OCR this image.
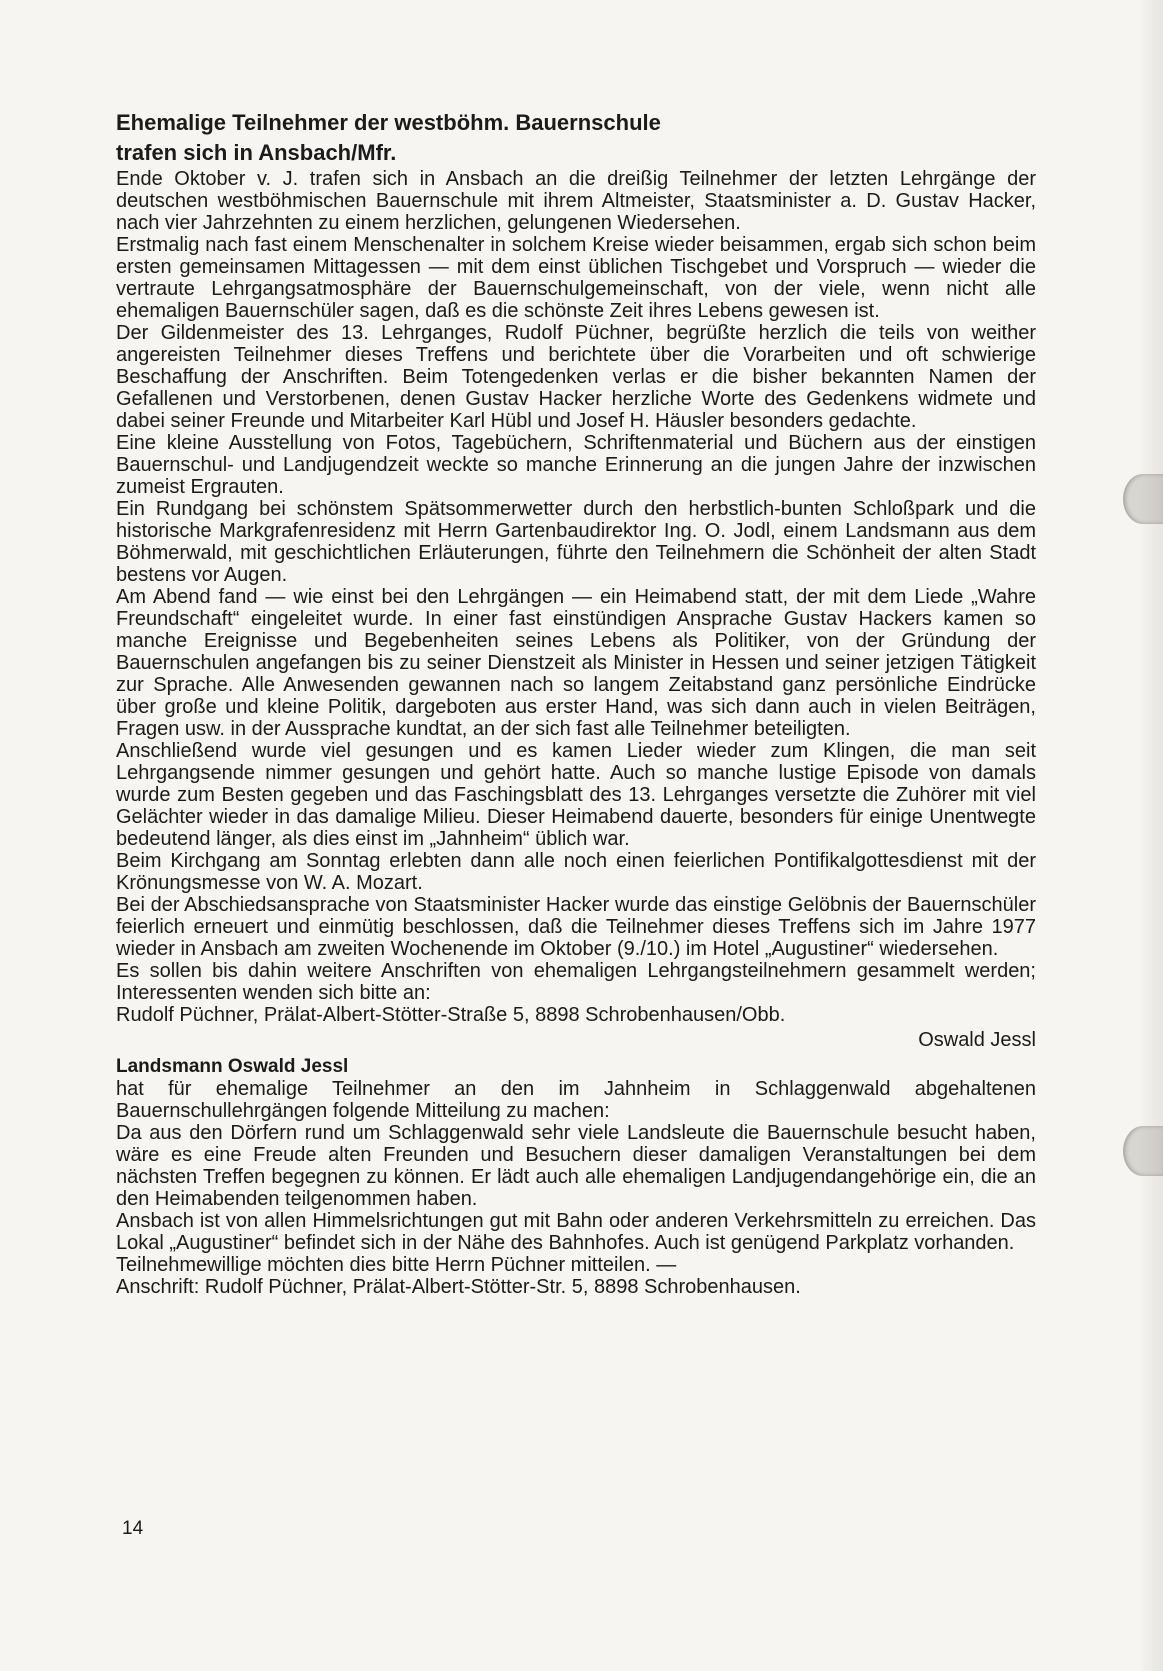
Ehemalige Teilnehmer der westböhm. Bauernschule
trafen sich in Ansbach/Mfr.

Ende Oktober v. J. trafen sich in Ansbach an die dreißig Teilnehmer der letzten Lehrgänge der deutschen westböhmischen Bauernschule mit ihrem Altmeister, Staatsminister a. D. Gustav Hacker, nach vier Jahrzehnten zu einem herzlichen, gelungenen Wiedersehen.

Erstmalig nach fast einem Menschenalter in solchem Kreise wieder beisammen, ergab sich schon beim ersten gemeinsamen Mittagessen — mit dem einst üblichen Tischgebet und Vorspruch — wieder die vertraute Lehrgangsatmosphäre der Bauernschulgemeinschaft, von der viele, wenn nicht alle ehemaligen Bauernschüler sagen, daß es die schönste Zeit ihres Lebens gewesen ist.

Der Gildenmeister des 13. Lehrganges, Rudolf Püchner, begrüßte herzlich die teils von weither angereisten Teilnehmer dieses Treffens und berichtete über die Vorarbeiten und oft schwierige Beschaffung der Anschriften. Beim Totengedenken verlas er die bisher bekannten Namen der Gefallenen und Verstorbenen, denen Gustav Hacker herzliche Worte des Gedenkens widmete und dabei seiner Freunde und Mitarbeiter Karl Hübl und Josef H. Häusler besonders gedachte.

Eine kleine Ausstellung von Fotos, Tagebüchern, Schriftenmaterial und Büchern aus der einstigen Bauernschul- und Landjugendzeit weckte so manche Erinnerung an die jungen Jahre der inzwischen zumeist Ergrauten.

Ein Rundgang bei schönstem Spätsommerwetter durch den herbstlich-bunten Schloßpark und die historische Markgrafenresidenz mit Herrn Gartenbaudirektor Ing. O. Jodl, einem Landsmann aus dem Böhmerwald, mit geschichtlichen Erläuterungen, führte den Teilnehmern die Schönheit der alten Stadt bestens vor Augen.

Am Abend fand — wie einst bei den Lehrgängen — ein Heimabend statt, der mit dem Liede „Wahre Freundschaft“ eingeleitet wurde. In einer fast einstündigen Ansprache Gustav Hackers kamen so manche Ereignisse und Begebenheiten seines Lebens als Politiker, von der Gründung der Bauernschulen angefangen bis zu seiner Dienstzeit als Minister in Hessen und seiner jetzigen Tätigkeit zur Sprache. Alle Anwesenden gewannen nach so langem Zeitabstand ganz persönliche Eindrücke über große und kleine Politik, dargeboten aus erster Hand, was sich dann auch in vielen Beiträgen, Fragen usw. in der Aussprache kundtat, an der sich fast alle Teilnehmer beteiligten.

Anschließend wurde viel gesungen und es kamen Lieder wieder zum Klingen, die man seit Lehrgangsende nimmer gesungen und gehört hatte. Auch so manche lustige Episode von damals wurde zum Besten gegeben und das Faschingsblatt des 13. Lehrganges versetzte die Zuhörer mit viel Gelächter wieder in das damalige Milieu. Dieser Heimabend dauerte, besonders für einige Unentwegte bedeutend länger, als dies einst im „Jahnheim“ üblich war.

Beim Kirchgang am Sonntag erlebten dann alle noch einen feierlichen Pontifikalgottesdienst mit der Krönungsmesse von W. A. Mozart.

Bei der Abschiedsansprache von Staatsminister Hacker wurde das einstige Gelöbnis der Bauernschüler feierlich erneuert und einmütig beschlossen, daß die Teilnehmer dieses Treffens sich im Jahre 1977 wieder in Ansbach am zweiten Wochenende im Oktober (9./10.) im Hotel „Augustiner“ wiedersehen.

Es sollen bis dahin weitere Anschriften von ehemaligen Lehrgangsteilnehmern gesammelt werden; Interessenten wenden sich bitte an:

Rudolf Püchner, Prälat-Albert-Stötter-Straße 5, 8898 Schrobenhausen/Obb.

Oswald Jessl

Landsmann Oswald Jessl

hat für ehemalige Teilnehmer an den im Jahnheim in Schlaggenwald abgehaltenen Bauernschullehrgängen folgende Mitteilung zu machen:

Da aus den Dörfern rund um Schlaggenwald sehr viele Landsleute die Bauernschule besucht haben, wäre es eine Freude alten Freunden und Besuchern dieser damaligen Veranstaltungen bei dem nächsten Treffen begegnen zu können. Er lädt auch alle ehemaligen Landjugendangehörige ein, die an den Heimabenden teilgenommen haben.

Ansbach ist von allen Himmelsrichtungen gut mit Bahn oder anderen Verkehrsmitteln zu erreichen. Das Lokal „Augustiner“ befindet sich in der Nähe des Bahnhofes. Auch ist genügend Parkplatz vorhanden.

Teilnehmewillige möchten dies bitte Herrn Püchner mitteilen. —

Anschrift: Rudolf Püchner, Prälat-Albert-Stötter-Str. 5, 8898 Schrobenhausen.

14
